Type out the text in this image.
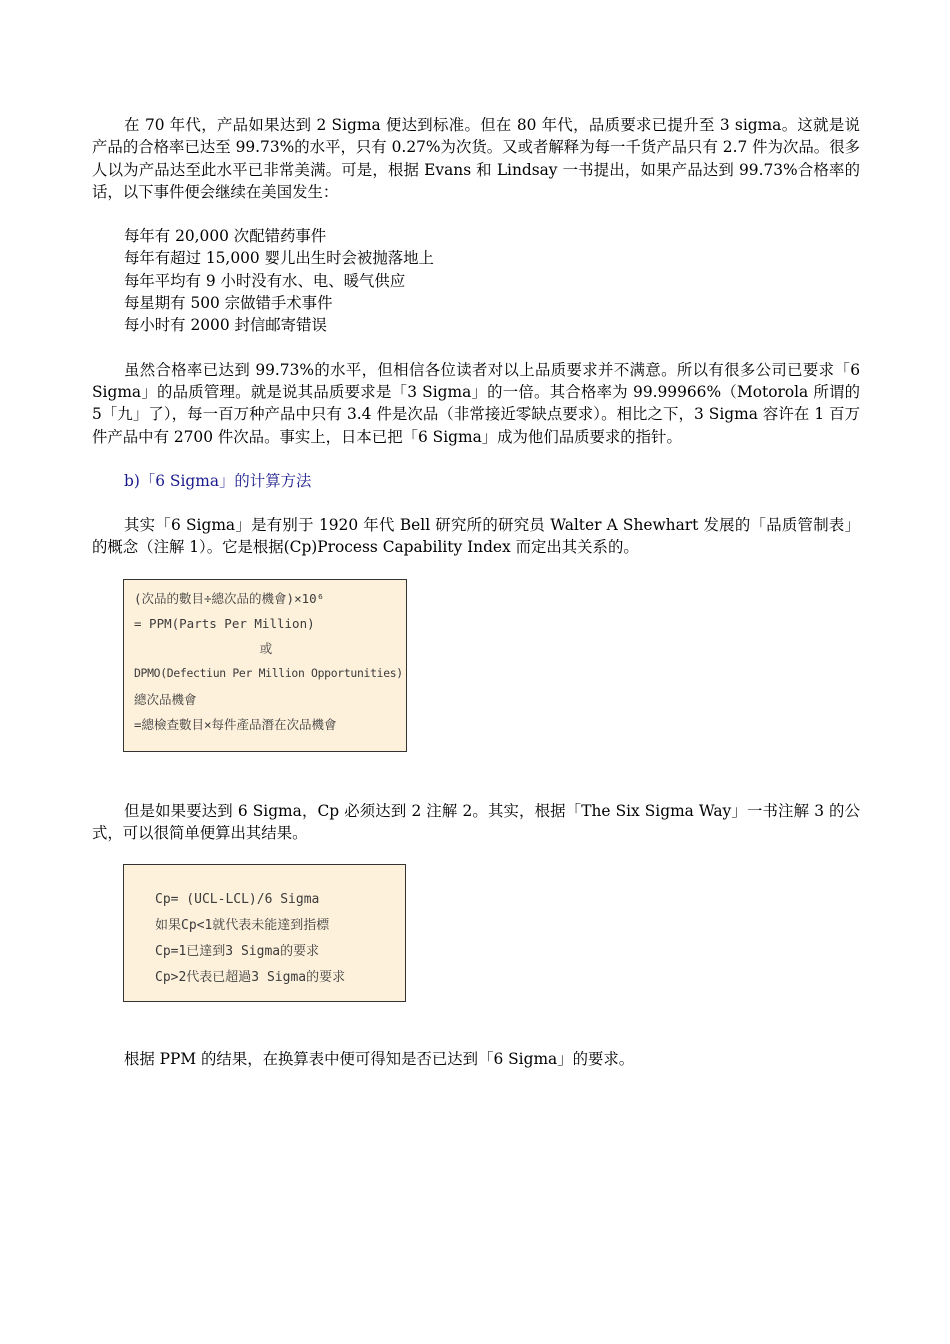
在 70 年代，产品如果达到 2 Sigma 便达到标准。但在 80 年代，品质要求已提升至 3 sigma。这就是说产品的合格率已达至 99.73%的水平，只有 0.27%为次货。又或者解释为每一千货产品只有 2.7 件为次品。很多人以为产品达至此水平已非常美满。可是，根据 Evans 和 Lindsay 一书提出，如果产品达到 99.73%合格率的话，以下事件便会继续在美国发生：

每年有 20,000 次配错药事件
每年有超过 15,000 婴儿出生时会被抛落地上
每年平均有 9 小时没有水、电、暖气供应
每星期有 500 宗做错手术事件
每小时有 2000 封信邮寄错误

虽然合格率已达到 99.73%的水平，但相信各位读者对以上品质要求并不满意。所以有很多公司已要求「6 Sigma」的品质管理。就是说其品质要求是「3 Sigma」的一倍。其合格率为 99.99966%（Motorola 所谓的 5「九」了），每一百万种产品中只有 3.4 件是次品（非常接近零缺点要求）。相比之下，3 Sigma 容许在 1 百万件产品中有 2700 件次品。事实上，日本已把「6 Sigma」成为他们品质要求的指针。

b)「6 Sigma」的计算方法

其实「6 Sigma」是有别于 1920 年代 Bell 研究所的研究员 Walter A Shewhart 发展的「品质管制表」的概念（注解 1）。它是根据(Cp)Process Capability Index 而定出其关系的。

(次品的數目÷總次品的機會)×10⁶
= PPM(Parts Per Million)
或
DPMO(Defectiun Per Million Opportunities)
總次品機會
=總檢查數目×每件產品潛在次品機會

但是如果要达到 6 Sigma，Cp 必须达到 2 注解 2。其实，根据「The Six Sigma Way」一书注解 3 的公式，可以很简单便算出其结果。

Cp= (UCL-LCL)/6 Sigma
如果Cp<1就代表未能達到指標
Cp=1已達到3 Sigma的要求
Cp>2代表已超過3 Sigma的要求

根据 PPM 的结果，在换算表中便可得知是否已达到「6 Sigma」的要求。
